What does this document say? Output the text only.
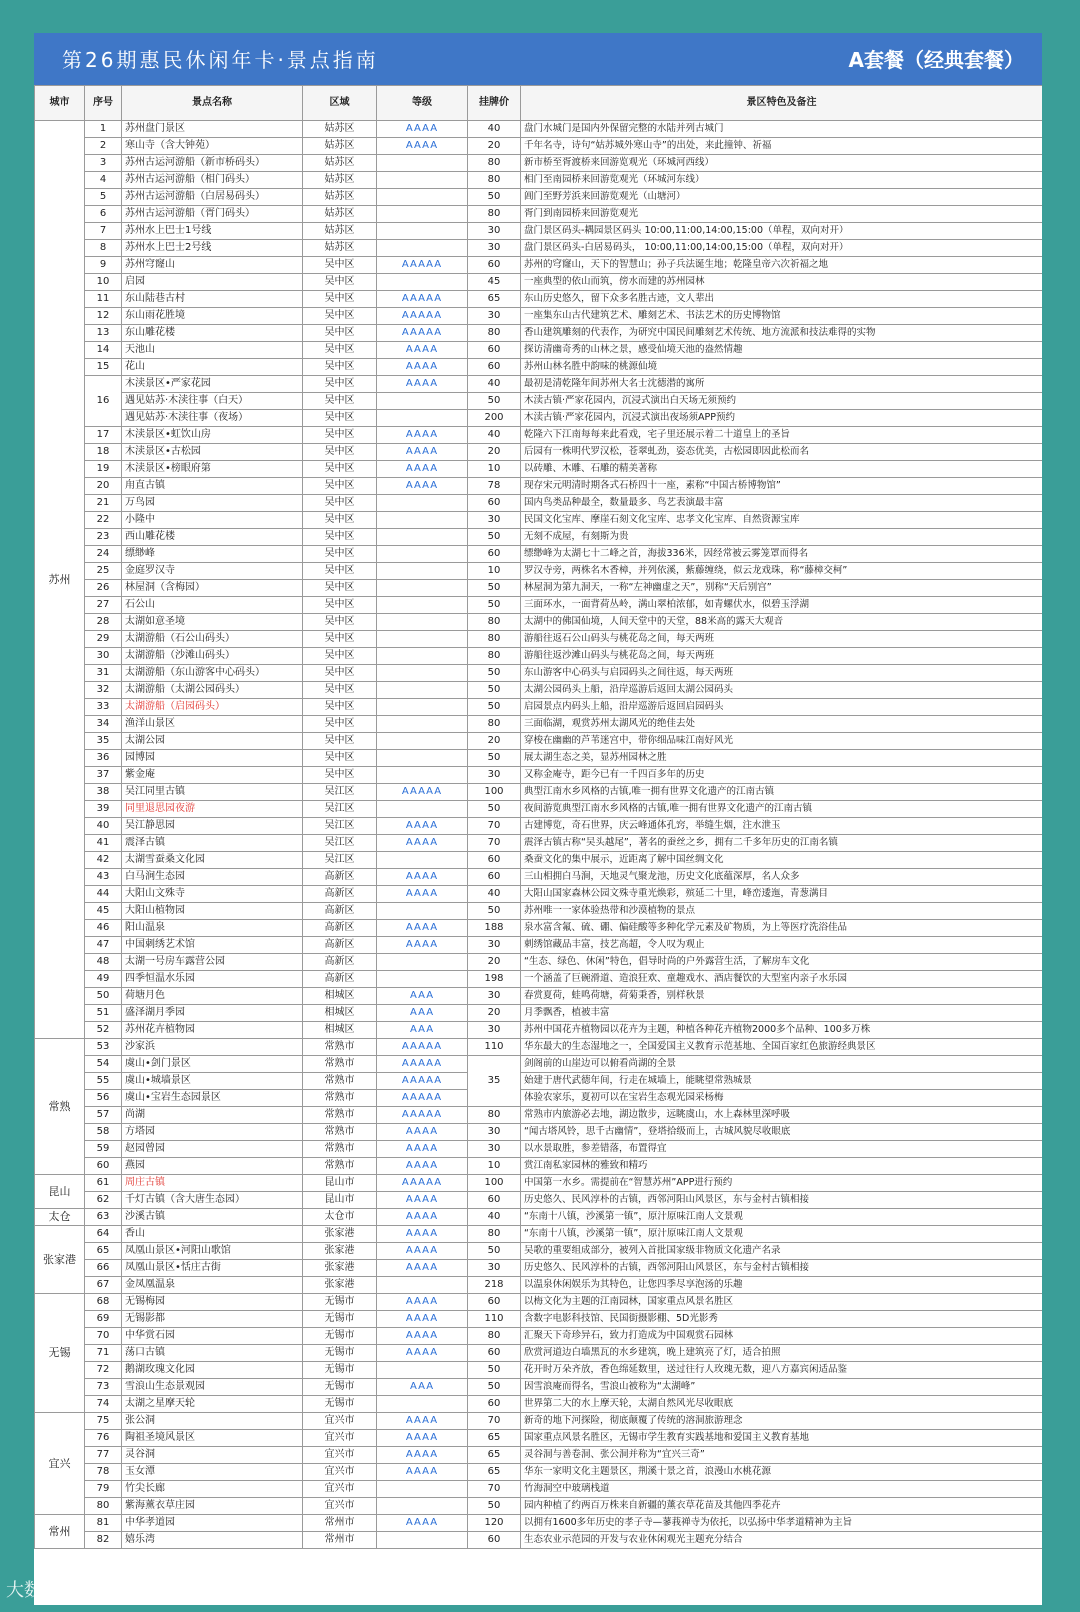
第26期惠民休闲年卡·景点指南	A套餐（经典套餐）
城市	序号	景点名称	区域	等级	挂牌价	景区特色及备注
苏州	1	苏州盘门景区	姑苏区	AAAA	40	盘门水城门是国内外保留完整的水陆并列古城门
	2	寒山寺（含大钟苑）	姑苏区	AAAA	20	千年名寺，诗句“姑苏城外寒山寺”的出处，来此撞钟、祈福
	3	苏州古运河游船（新市桥码头）	姑苏区		80	新市桥至胥渡桥来回游览观光（环城河西线）
	4	苏州古运河游船（相门码头）	姑苏区		80	相门至南园桥来回游览观光（环城河东线）
	5	苏州古运河游船（白居易码头）	姑苏区		50	阊门至野芳浜来回游览观光（山塘河）
	6	苏州古运河游船（胥门码头）	姑苏区		80	胥门到南园桥来回游览观光
	7	苏州水上巴士1号线	姑苏区		30	盘门景区码头-耦园景区码头 10:00,11:00,14:00,15:00（单程，双向对开）
	8	苏州水上巴士2号线	姑苏区		30	盘门景区码头-白居易码头， 10:00,11:00,14:00,15:00（单程，双向对开）
	9	苏州穹窿山	吴中区	AAAAA	60	苏州的穹窿山，天下的智慧山；孙子兵法诞生地；乾隆皇帝六次祈福之地
	10	启园	吴中区		45	一座典型的依山而筑，傍水而建的苏州园林
	11	东山陆巷古村	吴中区	AAAAA	65	东山历史悠久，留下众多名胜古迹，文人辈出
	12	东山雨花胜境	吴中区	AAAAA	30	一座集东山古代建筑艺术、雕刻艺术、书法艺术的历史博物馆
	13	东山雕花楼	吴中区	AAAAA	80	香山建筑雕刻的代表作，为研究中国民间雕刻艺术传统、地方流派和技法难得的实物
	14	天池山	吴中区	AAAA	60	探访清幽奇秀的山林之景，感受仙境天池的盎然情趣
	15	花山	吴中区	AAAA	60	苏州山林名胜中韵味的桃源仙境
	16	木渎景区•严家花园	吴中区	AAAA	40	最初是清乾隆年间苏州大名士沈德潜的寓所
		遇见姑苏·木渎往事（白天）	吴中区		50	木渎古镇·严家花园内，沉浸式演出白天场无须预约
		遇见姑苏·木渎往事（夜场）	吴中区		200	木渎古镇·严家花园内，沉浸式演出夜场须APP预约
	17	木渎景区•虹饮山房	吴中区	AAAA	40	乾隆六下江南每每来此看戏，宅子里还展示着二十道皇上的圣旨
	18	木渎景区•古松园	吴中区	AAAA	20	后园有一株明代罗汉松，苍翠虬劲，姿态优美，古松园即因此松而名
	19	木渎景区•榜眼府第	吴中区	AAAA	10	以砖雕、木雕、石雕的精美著称
	20	甪直古镇	吴中区	AAAA	78	现存宋元明清时期各式石桥四十一座，素称“中国古桥博物馆”
	21	万鸟园	吴中区		60	国内鸟类品种最全，数量最多、鸟艺表演最丰富
	22	小隆中	吴中区		30	民国文化宝库、摩崖石刻文化宝库、忠孝文化宝库、自然资源宝库
	23	西山雕花楼	吴中区		50	无刻不成屋，有刻斯为贵
	24	缥缈峰	吴中区		60	缥缈峰为太湖七十二峰之首，海拔336米，因经常被云雾笼罩而得名
	25	金庭罗汉寺	吴中区		10	罗汉寺旁，两株名木香樟，并列依溪，紫藤缠绕，似云龙戏珠，称“藤樟交柯”
	26	林屋洞（含梅园）	吴中区		50	林屋洞为第九洞天，一称“左神幽虚之天”，别称“天后别宫”
	27	石公山	吴中区		50	三面环水，一面背荷丛岭，满山翠柏浓郁，如青螺伏水，似碧玉浮湖
	28	太湖如意圣境	吴中区		80	太湖中的佛国仙境，人间天堂中的天堂，88米高的露天大观音
	29	太湖游船（石公山码头）	吴中区		80	游船往返石公山码头与桃花岛之间，每天两班
	30	太湖游船（沙滩山码头）	吴中区		80	游船往返沙滩山码头与桃花岛之间，每天两班
	31	太湖游船（东山游客中心码头）	吴中区		50	东山游客中心码头与启园码头之间往返，每天两班
	32	太湖游船（太湖公园码头）	吴中区		50	太湖公园码头上船，沿岸巡游后返回太湖公园码头
	33	太湖游船（启园码头）	吴中区		50	启园景点内码头上船，沿岸巡游后返回启园码头
	34	渔洋山景区	吴中区		80	三面临湖，观赏苏州太湖风光的绝佳去处
	35	太湖公园	吴中区		20	穿梭在幽幽的芦苇迷宫中，带你细品味江南好风光
	36	园博园	吴中区		50	展太湖生态之美，显苏州园林之胜
	37	紫金庵	吴中区		30	又称金庵寺，距今已有一千四百多年的历史
	38	吴江同里古镇	吴江区	AAAAA	100	典型江南水乡风格的古镇,唯一拥有世界文化遗产的江南古镇
	39	同里退思园夜游	吴江区		50	夜间游览典型江南水乡风格的古镇,唯一拥有世界文化遗产的江南古镇
	40	吴江静思园	吴江区	AAAA	70	古建博览，奇石世界，庆云峰通体孔窍，举缝生烟，注水泄玉
	41	震泽古镇	吴江区	AAAA	70	震泽古镇古称“吴头越尾”，著名的蚕丝之乡，拥有二千多年历史的江南名镇
	42	太湖雪蚕桑文化园	吴江区		60	桑蚕文化的集中展示，近距离了解中国丝绸文化
	43	白马涧生态园	高新区	AAAA	60	三山相拥白马涧，天地灵气聚龙池，历史文化底蕴深厚，名人众多
	44	大阳山文殊寺	高新区	AAAA	40	大阳山国家森林公园文殊寺重光焕彩，殡延二十里，峰峦逶迤，青葱满目
	45	大阳山植物园	高新区		50	苏州唯一一家体验热带和沙漠植物的景点
	46	阳山温泉	高新区	AAAA	188	泉水富含氟、硫、硼、偏硅酸等多种化学元素及矿物质，为上等医疗洗浴佳品
	47	中国刺绣艺术馆	高新区	AAAA	30	刺绣馆藏品丰富，技艺高超，令人叹为观止
	48	太湖一号房车露营公园	高新区		20	“生态、绿色、休闲”特色，倡导时尚的户外露营生活，了解房车文化
	49	四季恒温水乐园	高新区		198	一个涵盖了巨碗滑道、造浪狂欢、童趣戏水、酒店餐饮的大型室内亲子水乐园
	50	荷塘月色	相城区	AAA	30	春赏夏荷，蛙鸣荷塘，荷菊秉香，别样秋景
	51	盛泽湖月季园	相城区	AAA	20	月季飘香，植被丰富
	52	苏州花卉植物园	相城区	AAA	30	苏州中国花卉植物园以花卉为主题，种植各种花卉植物2000多个品种、100多万株
常熟	53	沙家浜	常熟市	AAAAA	110	华东最大的生态湿地之一，全国爱国主义教育示范基地、全国百家红色旅游经典景区
	54	虞山•剑门景区	常熟市	AAAAA	35	剑阁前的山崖边可以俯看尚湖的全景
	55	虞山•城墙景区	常熟市	AAAAA		始建于唐代武德年间，行走在城墙上，能眺望常熟城景
	56	虞山•宝岩生态园景区	常熟市	AAAAA		体验农家乐，夏初可以在宝岩生态观光园采杨梅
	57	尚湖	常熟市	AAAAA	80	常熟市内旅游必去地，湖边散步，远眺虞山，水上森林里深呼吸
	58	方塔园	常熟市	AAAA	30	“闻古塔风铃，思千古幽情”，登塔拾级而上，古城风貌尽收眼底
	59	赵园曾园	常熟市	AAAA	30	以水景取胜，参差错落，布置得宜
	60	燕园	常熟市	AAAA	10	赏江南私家园林的雅致和精巧
昆山	61	周庄古镇	昆山市	AAAAA	100	中国第一水乡。需提前在“智慧苏州”APP进行预约
	62	千灯古镇（含大唐生态园）	昆山市	AAAA	60	历史悠久、民风淳朴的古镇，西邻河阳山风景区，东与金村古镇相接
太仓	63	沙溪古镇	太仓市	AAAA	40	“东南十八镇，沙溪第一镇”，原汁原味江南人文景观
张家港	64	香山	张家港	AAAA	80	“东南十八镇，沙溪第一镇”，原汁原味江南人文景观
	65	凤凰山景区•河阳山歌馆	张家港	AAAA	50	吴歌的重要组成部分，被列入首批国家级非物质文化遗产名录
	66	凤凰山景区•恬庄古街	张家港	AAAA	30	历史悠久、民风淳朴的古镇，西邻河阳山风景区，东与金村古镇相接
	67	金凤凰温泉	张家港		218	以温泉休闲娱乐为其特色，让您四季尽享泡汤的乐趣
无锡	68	无锡梅园	无锡市	AAAA	60	以梅文化为主题的江南园林，国家重点风景名胜区
	69	无锡影都	无锡市	AAAA	110	含数字电影科技馆、民国街摄影棚、5D光影秀
	70	中华赏石园	无锡市	AAAA	80	汇聚天下奇珍异石，致力打造成为中国观赏石园林
	71	荡口古镇	无锡市	AAAA	60	欣赏河道边白墙黑瓦的水乡建筑，晚上建筑亮了灯，适合拍照
	72	鹅湖玫瑰文化园	无锡市		50	花开时万朵齐放，香色绵延数里，送过往行人玫瑰无数，迎八方嘉宾闲适品鉴
	73	雪浪山生态景观园	无锡市	AAA	50	因雪浪庵而得名，雪浪山被称为“太湖峰”
	74	太湖之星摩天轮	无锡市		60	世界第二大的水上摩天轮，太湖自然风光尽收眼底
宜兴	75	张公洞	宜兴市	AAAA	70	新奇的地下河探险，彻底颠覆了传统的溶洞旅游理念
	76	陶祖圣境风景区	宜兴市	AAAA	65	国家重点风景名胜区，无锡市学生教育实践基地和爱国主义教育基地
	77	灵谷洞	宜兴市	AAAA	65	灵谷洞与善卷洞、张公洞并称为“宜兴三奇”
	78	玉女潭	宜兴市	AAAA	65	华东一家明文化主题景区，荆溪十景之首，浪漫山水桃花源
	79	竹尖长廊	宜兴市		70	竹海洞空中玻璃栈道
	80	紫海薰衣草庄园	宜兴市		50	园内种植了约两百万株来自新疆的薰衣草花苗及其他四季花卉
常州	81	中华孝道园	常州市	AAAA	120	以拥有1600多年历史的孝子寺—蓼莪禅寺为依托，以弘扬中华孝道精神为主旨
	82	嬉乐湾	常州市		60	生态农业示范园的开发与农业休闲观光主题充分结合
大数跨境
